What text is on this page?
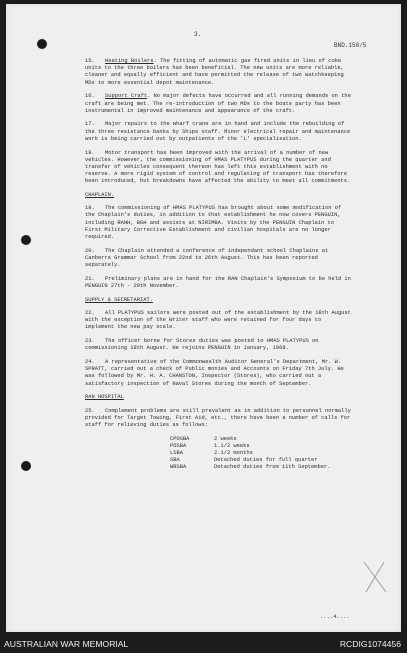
3.
BND.150/5
15. Heating Boilers. The fitting of automatic gas fired units in lieu of coke units to the three boilers has been beneficial. The new units are more reliable, cleaner and equally efficient and have permitted the release of two watchkeeping MDs to more essential depot maintenance.
16. Support Craft. No major defects have occurred and all running demands on the craft are being met. The re-introduction of two MDs to the boats party has been instrumental in improved maintenance and appearance of the craft.
17. Major repairs to the wharf crane are in hand and include the rebuilding of the three resistance banks by Ships staff. Minor electrical repair and maintenance work is being carried out by outpatients of the 'L' specialisation.
18. Motor transport has been improved with the arrival of a number of new vehicles. However, the commissioning of HMAS PLATYPUS during the quarter and transfer of vehicles consequent thereon has left this establishment with no reserve. A more rigid system of control and regulating of transport has therefore been introduced, but breakdowns have affected the ability to meet all commitments.
CHAPLAIN.
19. The commissioning of HMAS PLATYPUS has brought about some modification of the Chaplain's duties, in addition to that establishment he now covers PENGUIN, including RANH, BGH and assists at NIRIMBA. Visits by the PENGUIN Chaplain to First Military Corrective Establishment and civilian hospitals are no longer required.
20. The Chaplain attended a conference of independant school Chaplains at Canberra Grammar School from 22nd to 26th August. This has been reported separately.
21. Preliminary plans are in hand for the RAN Chaplain's Symposium to be held in PENGUIN 27th - 29th November.
SUPPLY & SECRETARIAT.
22. All PLATYPUS sailors were posted out of the establishment by the 18th August with the exception of the Writer staff who were retained for four days to implement the new pay scale.
23. The officer borne for Stores duties was posted to HMAS PLATYPUS on commissioning 18th August. He rejoins PENGUIN in January, 1968.
24. A representative of the Commonwealth Auditor General's Department, Mr. W. SPRATT, carried out a check of Public monies and Accounts on Friday 7th July. He was followed by Mr. H. A. CHANSTON, Inspector (Stores), who carried out a satisfactory inspection of Naval Stores during the month of September.
RAN HOSPITAL
25. Complement problems are still prevalent as in addition to personnel normally provided for Target Towing, First Aid, etc., there have been a number of calls for staff for relieving duties as follows:
CPOSBA	2 weeks
POSBA	1.1/2 weeks
LSBA	2.1/2 months
SBA	Detached duties for full quarter
WRSBA	Detached duties from 11th September.
....4....
AUSTRALIAN WAR MEMORIAL	RCDIG1074456
